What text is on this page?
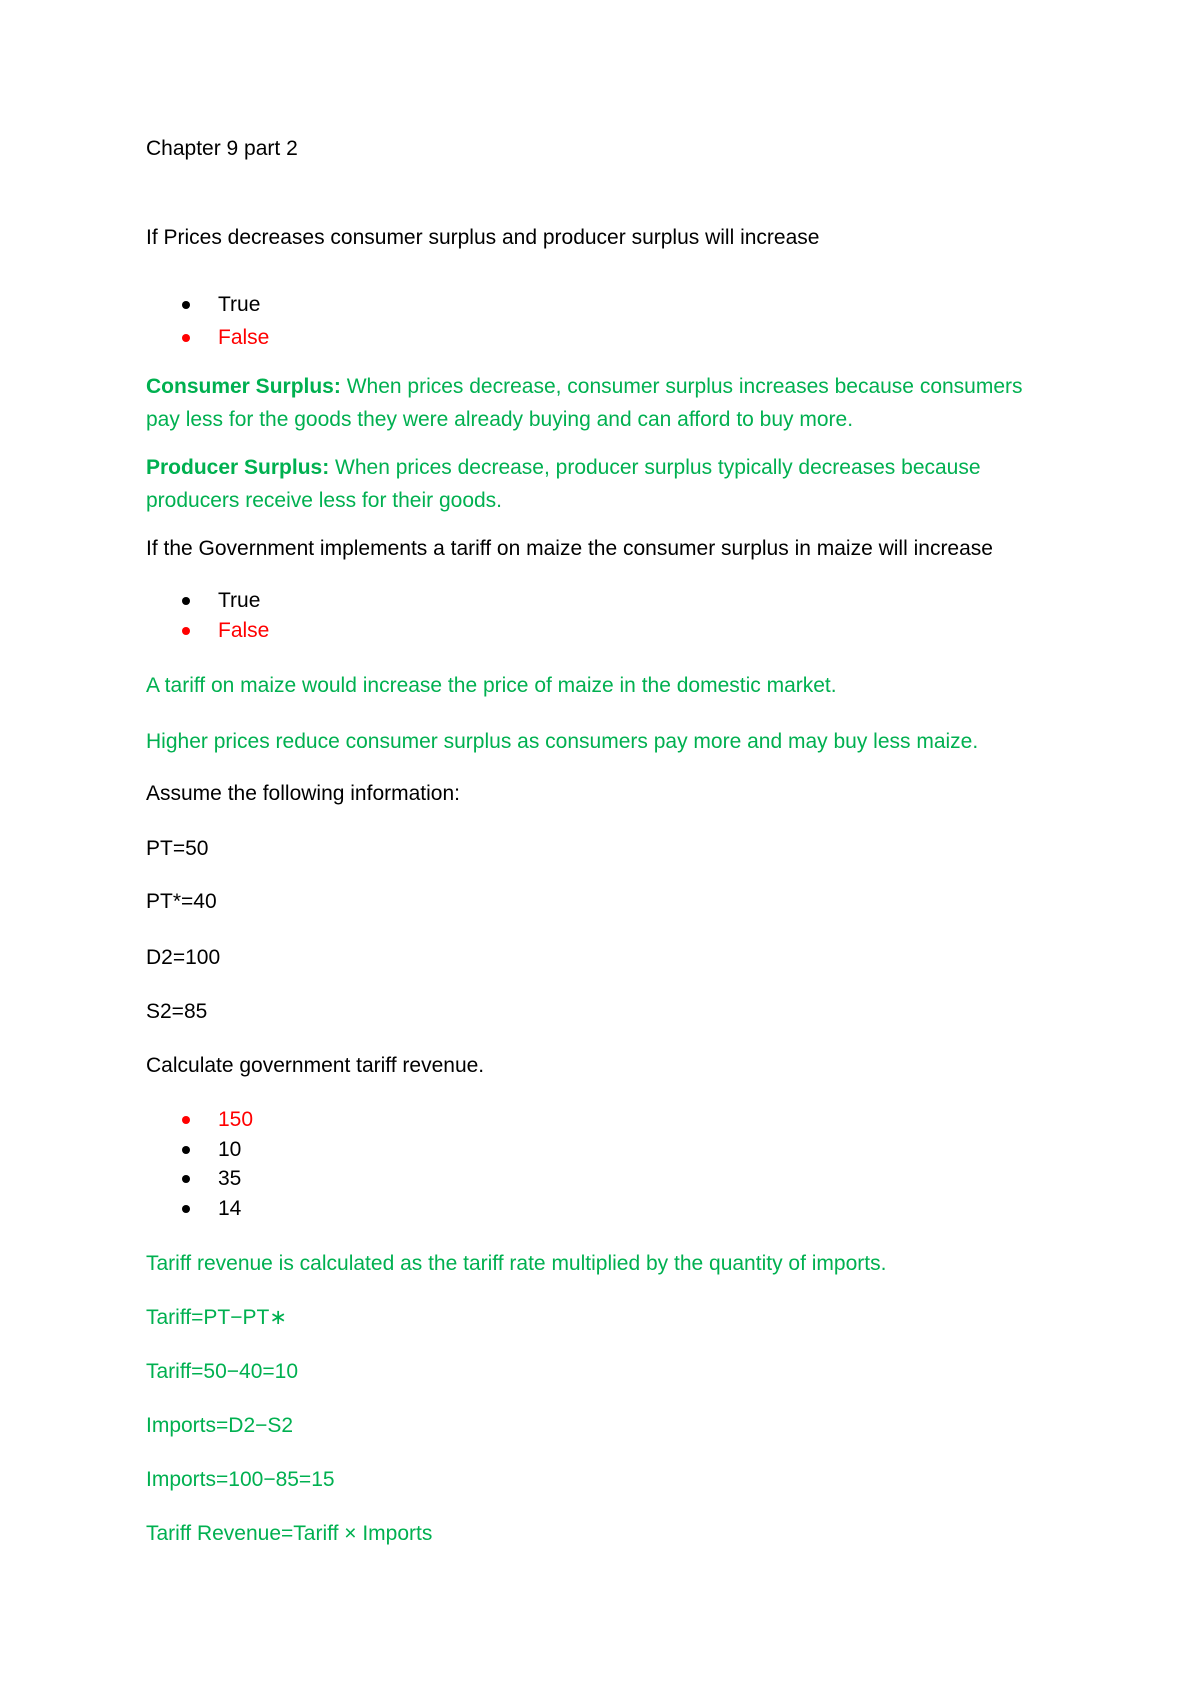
Chapter 9 part 2
If Prices decreases consumer surplus and producer surplus will increase
True
False
Consumer Surplus: When prices decrease, consumer surplus increases because consumers
pay less for the goods they were already buying and can afford to buy more.
Producer Surplus: When prices decrease, producer surplus typically decreases because
producers receive less for their goods.
If the Government implements a tariff on maize the consumer surplus in maize will increase
True
False
A tariff on maize would increase the price of maize in the domestic market.
Higher prices reduce consumer surplus as consumers pay more and may buy less maize.
Assume the following information:
PT=50
PT*=40
D2=100
S2=85
Calculate government tariff revenue.
150
10
35
14
Tariff revenue is calculated as the tariff rate multiplied by the quantity of imports.
Tariff=PT−PT∗
Tariff=50−40=10
Imports=D2−S2
Imports=100−85=15
Tariff Revenue=Tariff × Imports
